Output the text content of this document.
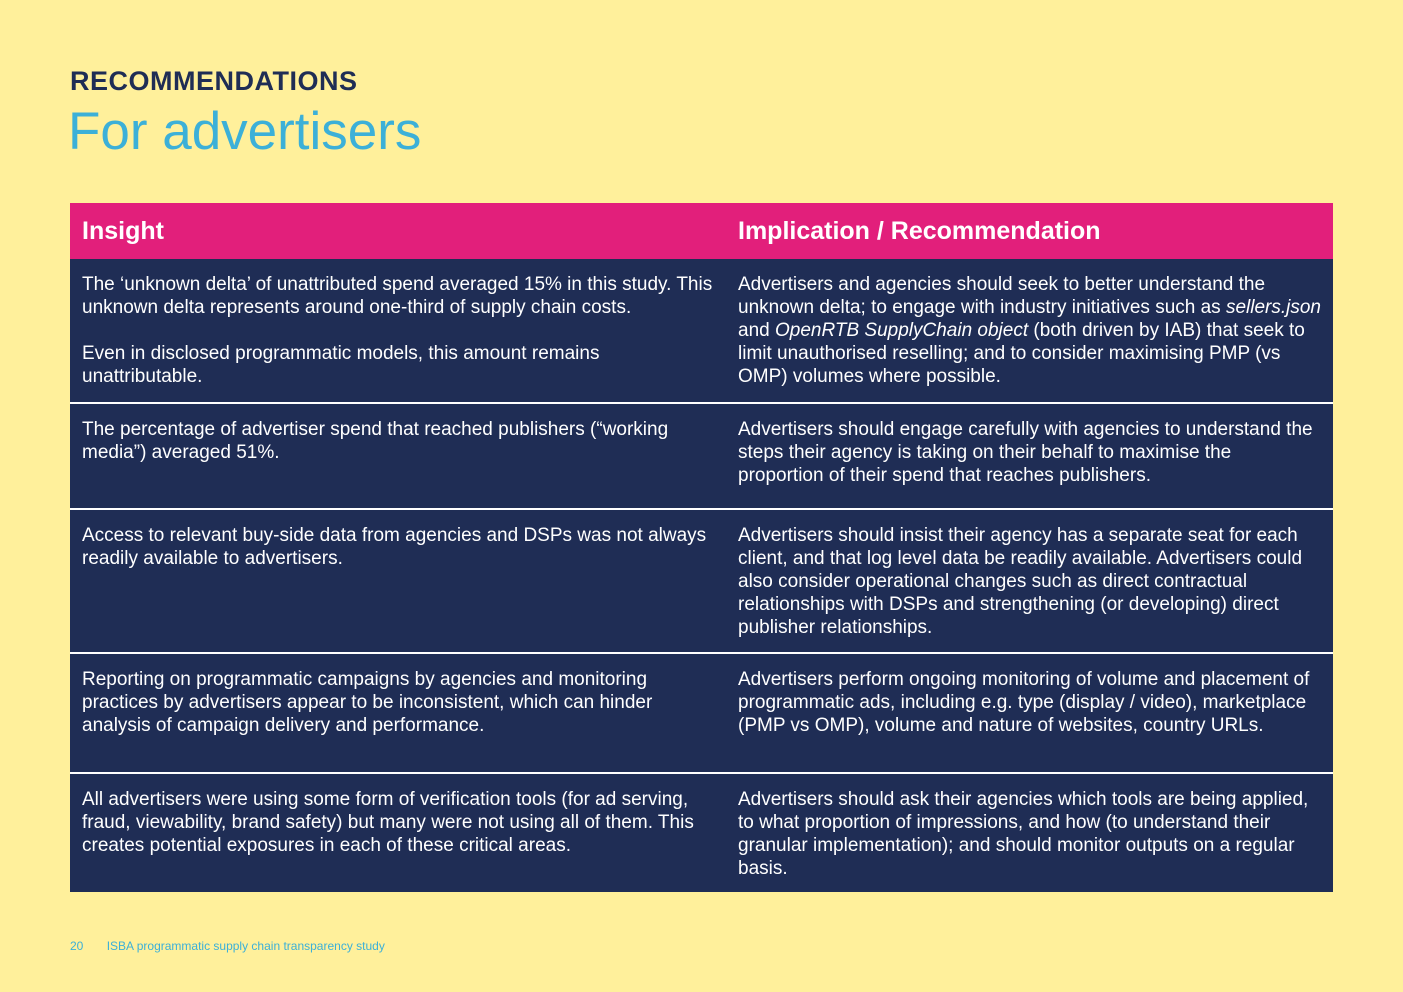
RECOMMENDATIONS
For advertisers
Insight	Implication / Recommendation

The ‘unknown delta’ of unattributed spend averaged 15% in this study. This unknown delta represents around one-third of supply chain costs.

Even in disclosed programmatic models, this amount remains unattributable.

Advertisers and agencies should seek to better understand the unknown delta; to engage with industry initiatives such as sellers.json and OpenRTB SupplyChain object (both driven by IAB) that seek to limit unauthorised reselling; and to consider maximising PMP (vs OMP) volumes where possible.
The percentage of advertiser spend that reached publishers (“working media”) averaged 51%.
Advertisers should engage carefully with agencies to understand the steps their agency is taking on their behalf to maximise the proportion of their spend that reaches publishers.
Access to relevant buy-side data from agencies and DSPs was not always readily available to advertisers.
Advertisers should insist their agency has a separate seat for each client, and that log level data be readily available. Advertisers could also consider operational changes such as direct contractual relationships with DSPs and strengthening (or developing) direct publisher relationships.
Reporting on programmatic campaigns by agencies and monitoring practices by advertisers appear to be inconsistent, which can hinder analysis of campaign delivery and performance.
Advertisers perform ongoing monitoring of volume and placement of programmatic ads, including e.g. type (display / video), marketplace (PMP vs OMP), volume and nature of websites, country URLs.
All advertisers were using some form of verification tools (for ad serving, fraud, viewability, brand safety) but many were not using all of them. This creates potential exposures in each of these critical areas.
Advertisers should ask their agencies which tools are being applied, to what proportion of impressions, and how (to understand their granular implementation); and should monitor outputs on a regular basis.
20 ISBA programmatic supply chain transparency study
